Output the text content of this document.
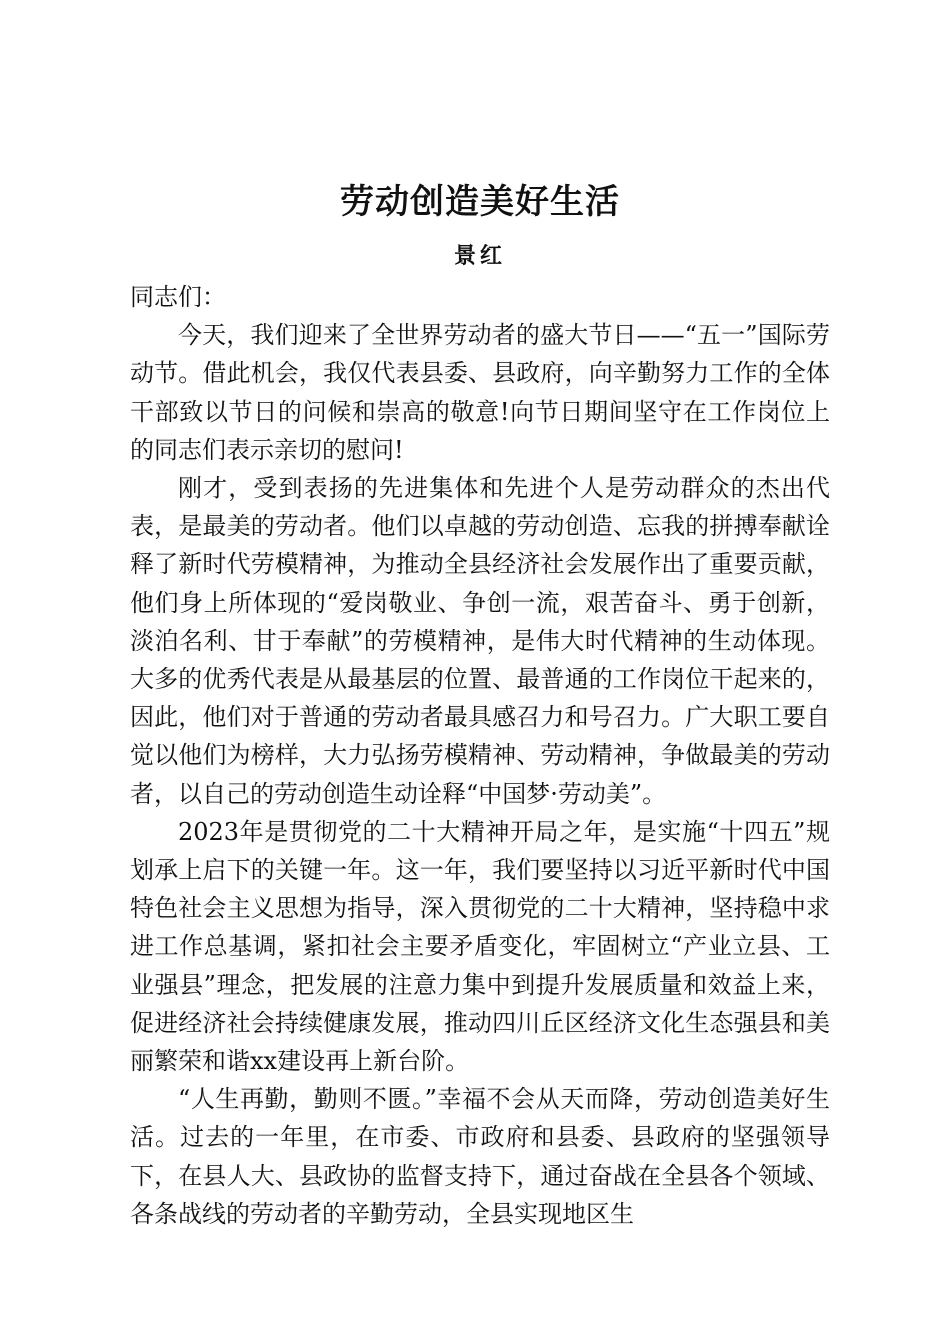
劳动创造美好生活
景红

同志们：

今天，我们迎来了全世界劳动者的盛大节日——“五一”国际劳动节。借此机会，我仅代表县委、县政府，向辛勤努力工作的全体干部致以节日的问候和崇高的敬意!向节日期间坚守在工作岗位上的同志们表示亲切的慰问!

刚才，受到表扬的先进集体和先进个人是劳动群众的杰出代表，是最美的劳动者。他们以卓越的劳动创造、忘我的拼搏奉献诠释了新时代劳模精神，为推动全县经济社会发展作出了重要贡献，他们身上所体现的“爱岗敬业、争创一流，艰苦奋斗、勇于创新，淡泊名利、甘于奉献”的劳模精神，是伟大时代精神的生动体现。大多的优秀代表是从最基层的位置、最普通的工作岗位干起来的，因此，他们对于普通的劳动者最具感召力和号召力。广大职工要自觉以他们为榜样，大力弘扬劳模精神、劳动精神，争做最美的劳动者，以自己的劳动创造生动诠释“中国梦·劳动美”。

2023年是贯彻党的二十大精神开局之年，是实施“十四五”规划承上启下的关键一年。这一年，我们要坚持以习近平新时代中国特色社会主义思想为指导，深入贯彻党的二十大精神，坚持稳中求进工作总基调，紧扣社会主要矛盾变化，牢固树立“产业立县、工业强县”理念，把发展的注意力集中到提升发展质量和效益上来，促进经济社会持续健康发展，推动四川丘区经济文化生态强县和美丽繁荣和谐xx建设再上新台阶。

“人生再勤，勤则不匮。”幸福不会从天而降，劳动创造美好生活。过去的一年里，在市委、市政府和县委、县政府的坚强领导下，在县人大、县政协的监督支持下，通过奋战在全县各个领域、各条战线的劳动者的辛勤劳动，全县实现地区生
